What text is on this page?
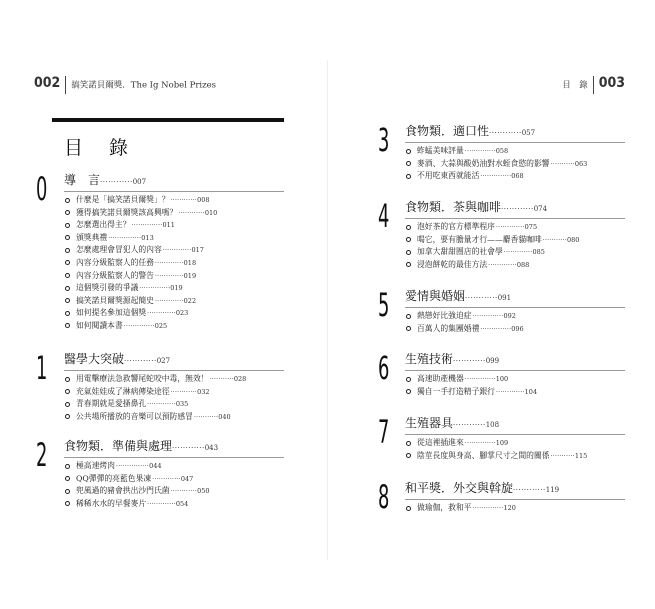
002 搞笑諾貝爾獎．The Ig Nobel Prizes
目 錄
0 導　言············007
什麼是「搞笑諾貝爾獎」？············008
獲得搞笑諾貝爾獎該高興嗎？············010
怎麼選出得主？··············011
頒獎典禮···············013
怎麼處理會冒犯人的內容·············017
內容分級監察人的任務·············018
內容分級監察人的警告·············019
這個獎引發的爭議··············019
搞笑諾貝爾獎源起簡史·············022
如何提名參加這個獎·············023
如何閱讀本書··············025
1 醫學大突破············027
用電擊療法急救響尾蛇咬中毒，無效！···········028
充氣娃娃成了淋病傳染途徑············032
青春期就是愛搔鼻孔·············035
公共場所播放的音樂可以預防感冒···········040
2 食物類．準備與處理············043
極高速烤肉···············044
QQ彈彈的亮藍色果凍·············047
兜風過的豬會拱出沙門氏菌············050
稀稀水水的早餐麥片·············054
目　錄 003
3 食物類．適口性············057
蚱蜢美味評量··············058
麥酒、大蒜與酸奶油對水蛭食慾的影響···········063
不用吃東西就能活··············068
4 食物類．茶與咖啡············074
泡好茶的官方標準程序·············075
喝它，要有膽量才行——麝香貓咖啡···········080
加拿大甜甜圈店的社會學·············085
浸泡餅乾的最佳方法·············088
5 愛情與婚姻············091
熱戀好比強迫症··············092
百萬人的集團婚禮··············096
6 生殖技術············099
高速助產機器··············100
獨自一手打造精子銀行·············104
7 生殖器具············108
從這裡插進來··············109
陰莖長度與身高、腳掌尺寸之間的關係···········115
8 和平獎．外交與斡旋············119
做瑜伽，救和平··············120
